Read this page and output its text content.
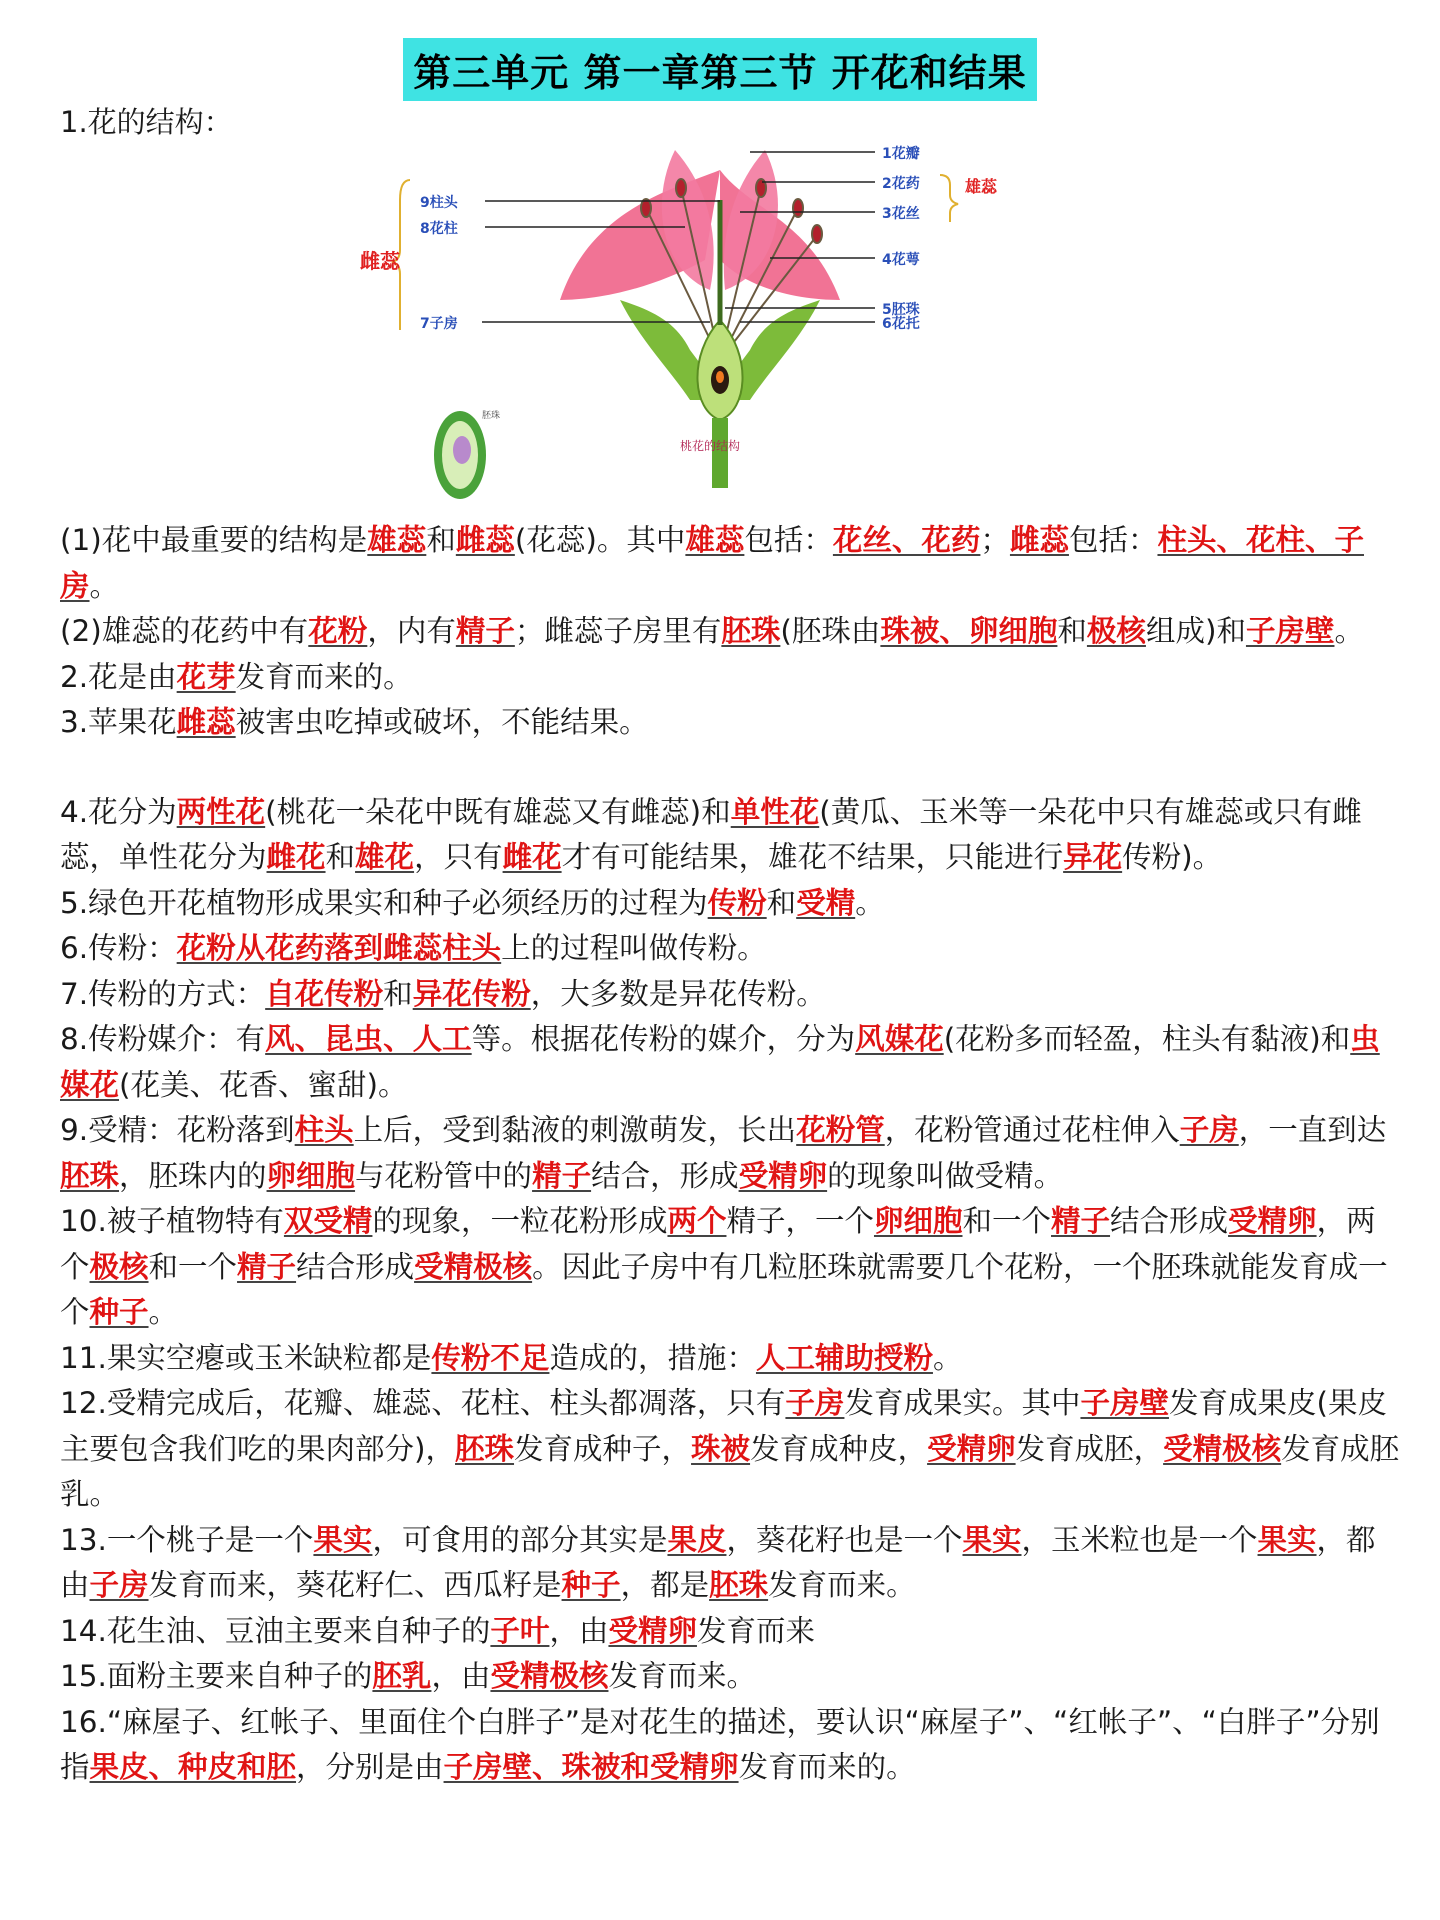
第三单元 第一章第三节 开花和结果
1.花的结构：
1花瓣
2花药
3花丝
4花萼
5胚珠
6花托
9柱头
8花柱
7子房
雄蕊
雌蕊
桃花的结构
胚珠

(1)花中最重要的结构是雄蕊和雌蕊(花蕊)。其中雄蕊包括：花丝、花药；雌蕊包括：柱头、花柱、子房。

(2)雄蕊的花药中有花粉，内有精子；雌蕊子房里有胚珠(胚珠由珠被、卵细胞和极核组成)和子房壁。

2.花是由花芽发育而来的。

3.苹果花雌蕊被害虫吃掉或破坏，不能结果。

4.花分为两性花(桃花一朵花中既有雄蕊又有雌蕊)和单性花(黄瓜、玉米等一朵花中只有雄蕊或只有雌蕊，单性花分为雌花和雄花，只有雌花才有可能结果，雄花不结果，只能进行异花传粉)。

5.绿色开花植物形成果实和种子必须经历的过程为传粉和受精。

6.传粉：花粉从花药落到雌蕊柱头上的过程叫做传粉。

7.传粉的方式：自花传粉和异花传粉，大多数是异花传粉。

8.传粉媒介：有风、昆虫、人工等。根据花传粉的媒介，分为风媒花(花粉多而轻盈，柱头有黏液)和虫媒花(花美、花香、蜜甜)。

9.受精：花粉落到柱头上后，受到黏液的刺激萌发，长出花粉管，花粉管通过花柱伸入子房，一直到达胚珠，胚珠内的卵细胞与花粉管中的精子结合，形成受精卵的现象叫做受精。

10.被子植物特有双受精的现象，一粒花粉形成两个精子，一个卵细胞和一个精子结合形成受精卵，两个极核和一个精子结合形成受精极核。因此子房中有几粒胚珠就需要几个花粉，一个胚珠就能发育成一个种子。

11.果实空瘪或玉米缺粒都是传粉不足造成的，措施：人工辅助授粉。

12.受精完成后，花瓣、雄蕊、花柱、柱头都凋落，只有子房发育成果实。其中子房壁发育成果皮(果皮主要包含我们吃的果肉部分)，胚珠发育成种子，珠被发育成种皮，受精卵发育成胚，受精极核发育成胚乳。

13.一个桃子是一个果实，可食用的部分其实是果皮，葵花籽也是一个果实，玉米粒也是一个果实，都由子房发育而来，葵花籽仁、西瓜籽是种子，都是胚珠发育而来。

14.花生油、豆油主要来自种子的子叶，由受精卵发育而来

15.面粉主要来自种子的胚乳，由受精极核发育而来。

16.“麻屋子、红帐子、里面住个白胖子”是对花生的描述，要认识“麻屋子”、“红帐子”、“白胖子”分别指果皮、种皮和胚，分别是由子房壁、珠被和受精卵发育而来的。
